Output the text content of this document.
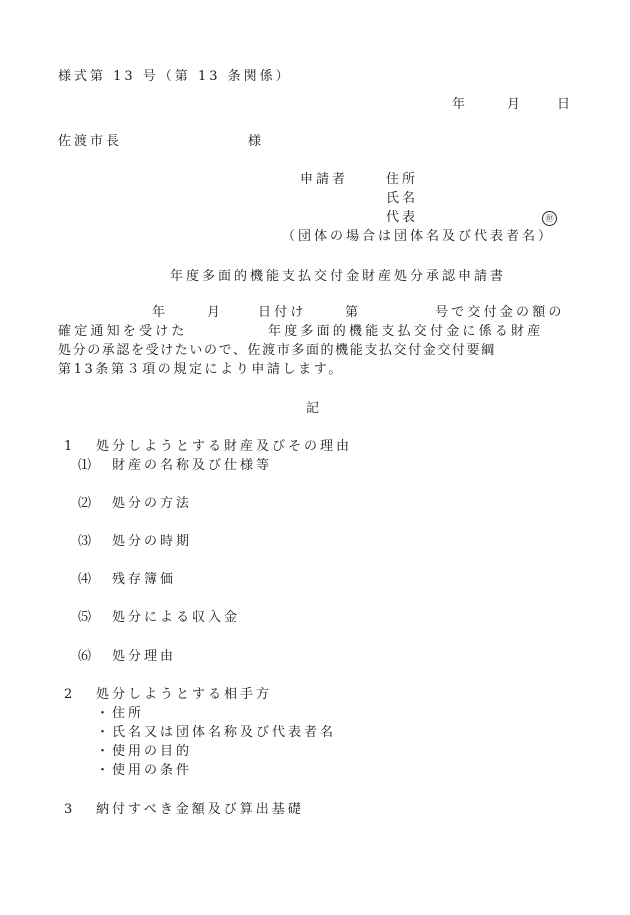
様式第 13 号（第 13 条関係）
年	月	日
佐渡市長	様
申請者	住所
氏名
代表	㊞
（団体の場合は団体名及び代表者名）
年度多面的機能支払交付金財産処分承認申請書
年	月	日付け	第	号で交付金の額の
確定通知を受けた	年度多面的機能支払交付金に係る財産
処分の承認を受けたいので、佐渡市多面的機能支払交付金交付要綱
第13条第３項の規定により申請します。
記
1 処分しようとする財産及びその理由
⑴ 財産の名称及び仕様等
⑵ 処分の方法
⑶ 処分の時期
⑷ 残存簿価
⑸ 処分による収入金
⑹ 処分理由
2 処分しようとする相手方
・住所
・氏名又は団体名称及び代表者名
・使用の目的
・使用の条件
3 納付すべき金額及び算出基礎
